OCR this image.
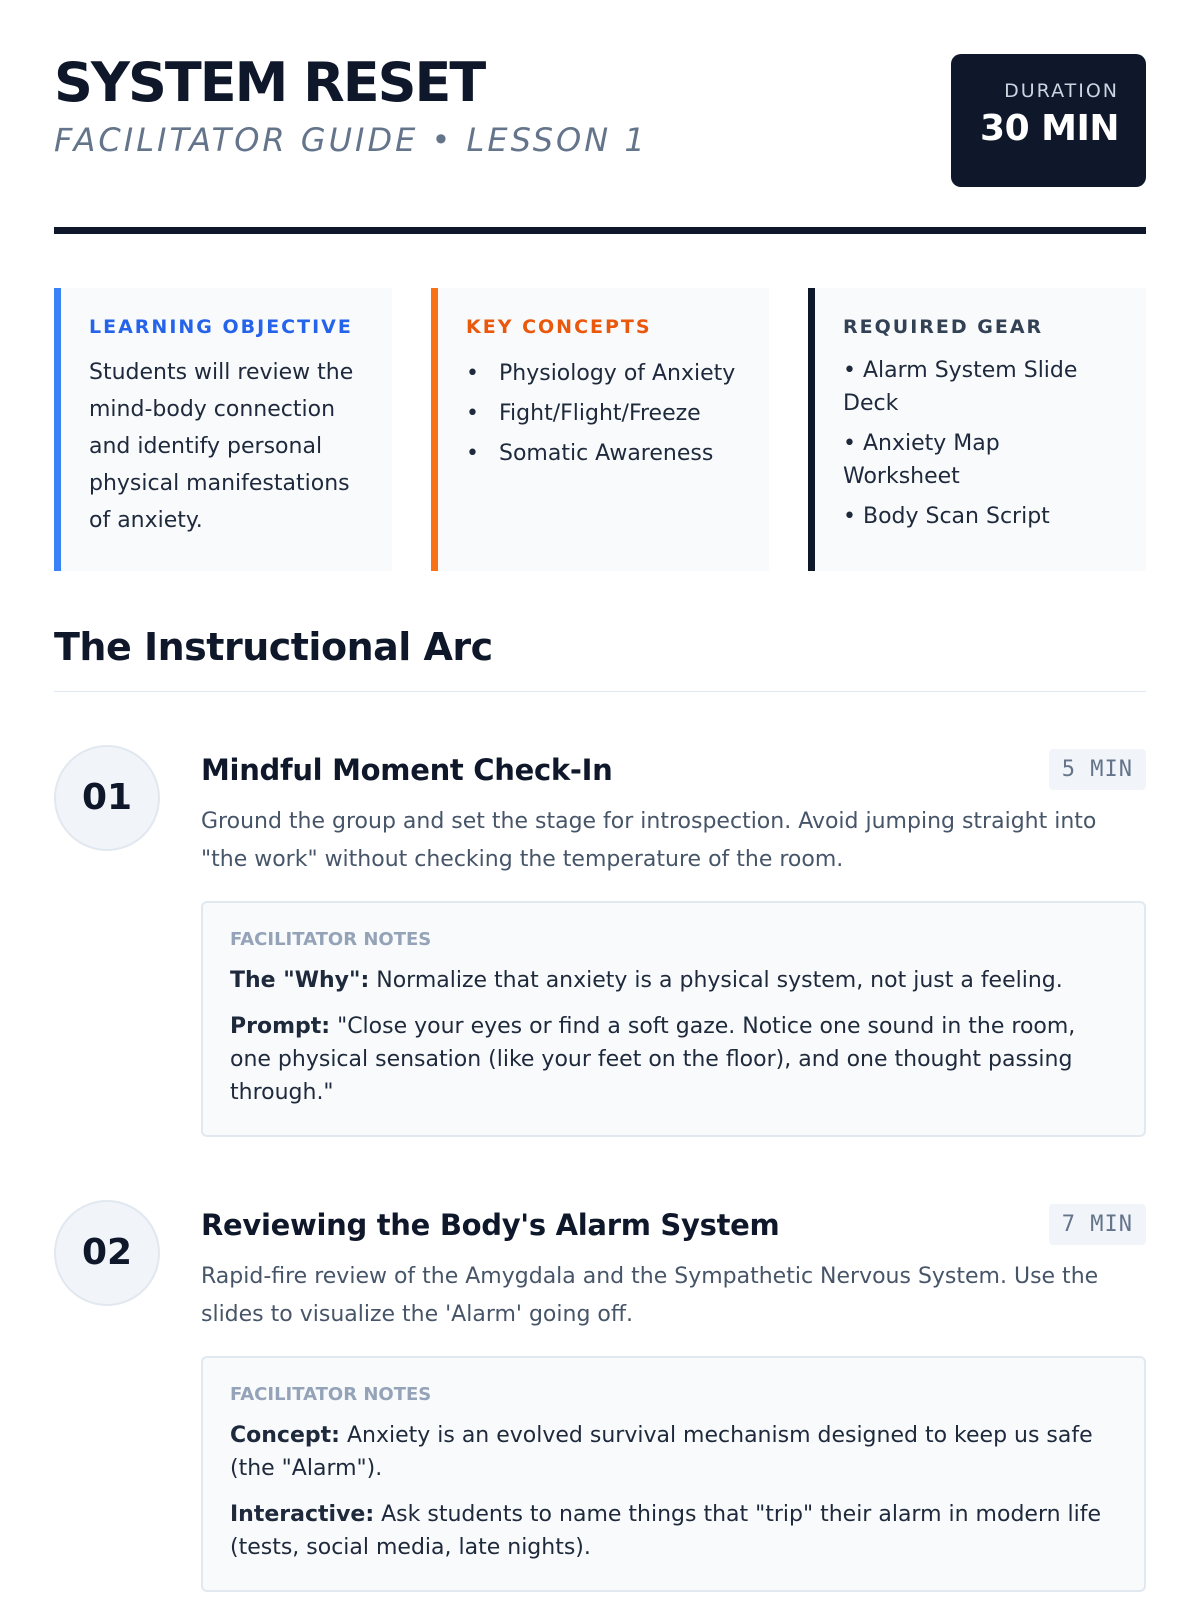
SYSTEM RESET
FACILITATOR GUIDE • LESSON 1
DURATION
30 MIN
LEARNING OBJECTIVE
Students will review the mind-body connection and identify personal physical manifestations of anxiety.
KEY CONCEPTS
• Physiology of Anxiety
• Fight/Flight/Freeze
• Somatic Awareness
REQUIRED GEAR
• Alarm System Slide Deck
• Anxiety Map Worksheet
• Body Scan Script
The Instructional Arc
01
Mindful Moment Check-In	5 MIN
Ground the group and set the stage for introspection. Avoid jumping straight into "the work" without checking the temperature of the room.
FACILITATOR NOTES
The "Why": Normalize that anxiety is a physical system, not just a feeling.
Prompt: "Close your eyes or find a soft gaze. Notice one sound in the room, one physical sensation (like your feet on the floor), and one thought passing through."
02
Reviewing the Body's Alarm System	7 MIN
Rapid-fire review of the Amygdala and the Sympathetic Nervous System. Use the slides to visualize the 'Alarm' going off.
FACILITATOR NOTES
Concept: Anxiety is an evolved survival mechanism designed to keep us safe (the "Alarm").
Interactive: Ask students to name things that "trip" their alarm in modern life (tests, social media, late nights).
